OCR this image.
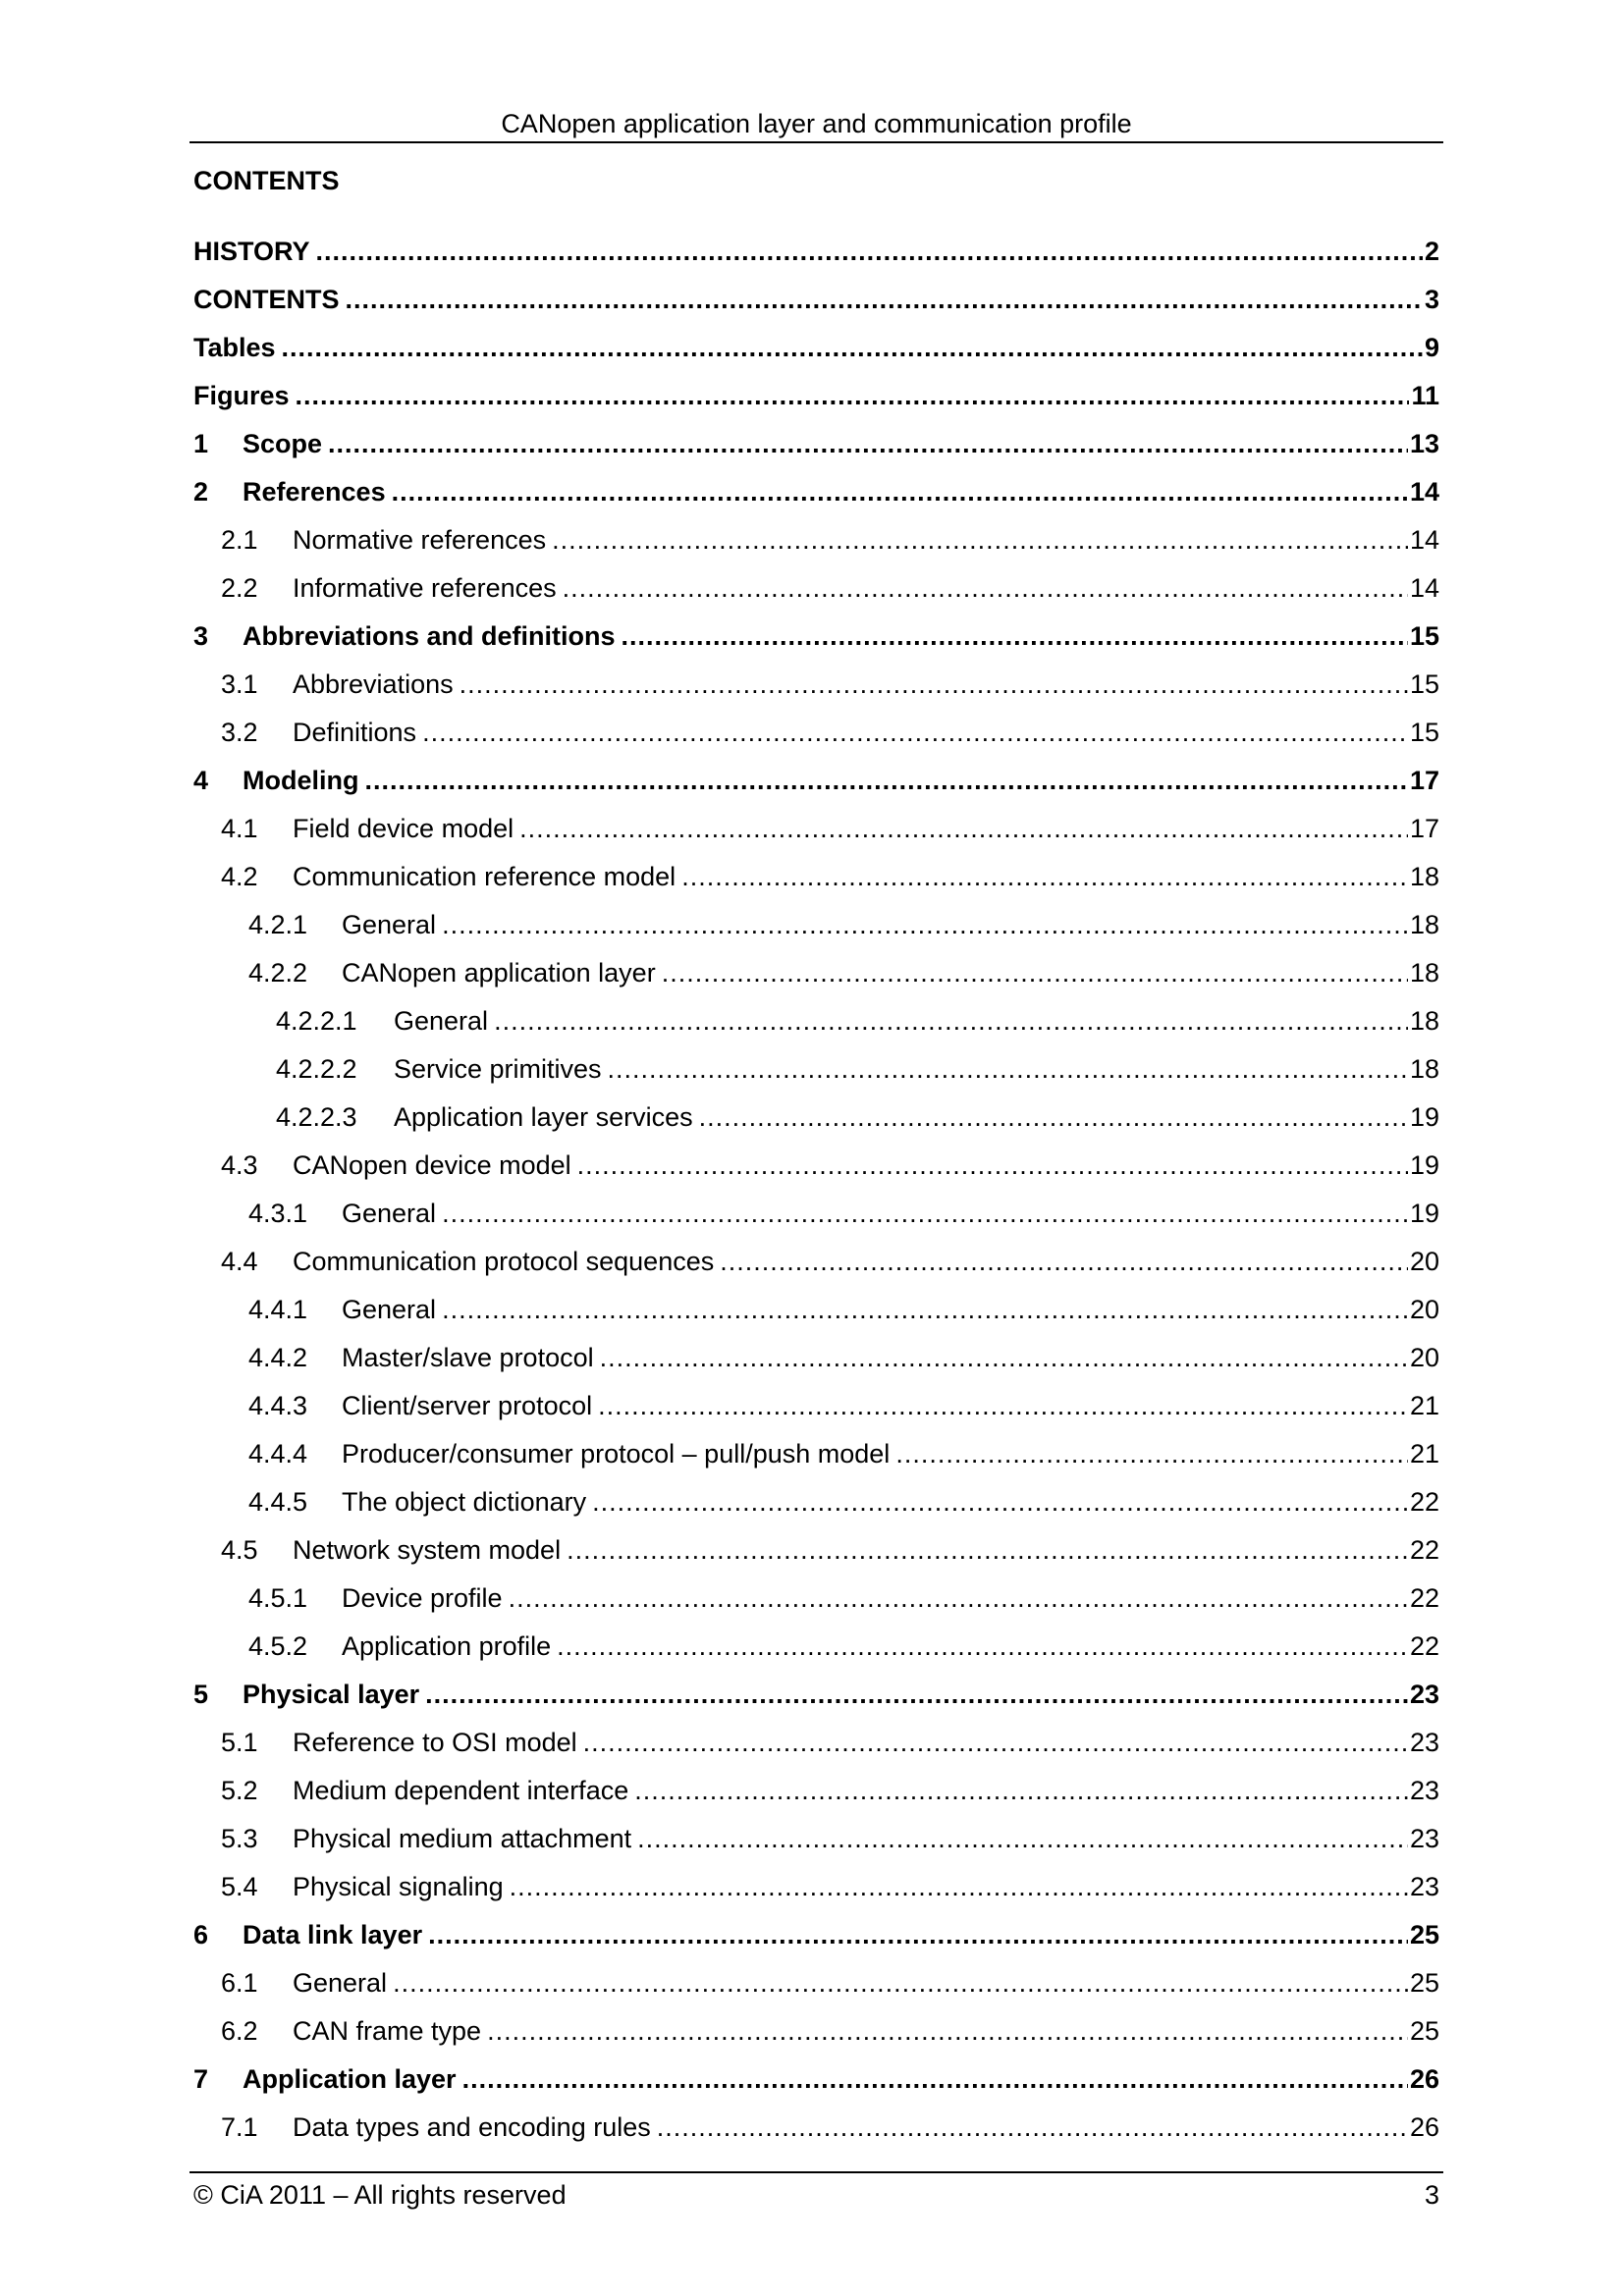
CANopen application layer and communication profile
CONTENTS
HISTORY .....	2
CONTENTS .....	3
Tables .....	9
Figures .....	11
1	Scope .....	13
2	References .....	14
2.1	Normative references .....	14
2.2	Informative references .....	14
3	Abbreviations and definitions .....	15
3.1	Abbreviations .....	15
3.2	Definitions .....	15
4	Modeling .....	17
4.1	Field device model .....	17
4.2	Communication reference model .....	18
4.2.1	General .....	18
4.2.2	CANopen application layer .....	18
4.2.2.1	General .....	18
4.2.2.2	Service primitives .....	18
4.2.2.3	Application layer services .....	19
4.3	CANopen device model .....	19
4.3.1	General .....	19
4.4	Communication protocol sequences .....	20
4.4.1	General .....	20
4.4.2	Master/slave protocol .....	20
4.4.3	Client/server protocol .....	21
4.4.4	Producer/consumer protocol – pull/push model .....	21
4.4.5	The object dictionary .....	22
4.5	Network system model .....	22
4.5.1	Device profile .....	22
4.5.2	Application profile .....	22
5	Physical layer .....	23
5.1	Reference to OSI model .....	23
5.2	Medium dependent interface .....	23
5.3	Physical medium attachment .....	23
5.4	Physical signaling .....	23
6	Data link layer .....	25
6.1	General .....	25
6.2	CAN frame type .....	25
7	Application layer .....	26
7.1	Data types and encoding rules .....	26
© CiA 2011 – All rights reserved	3
